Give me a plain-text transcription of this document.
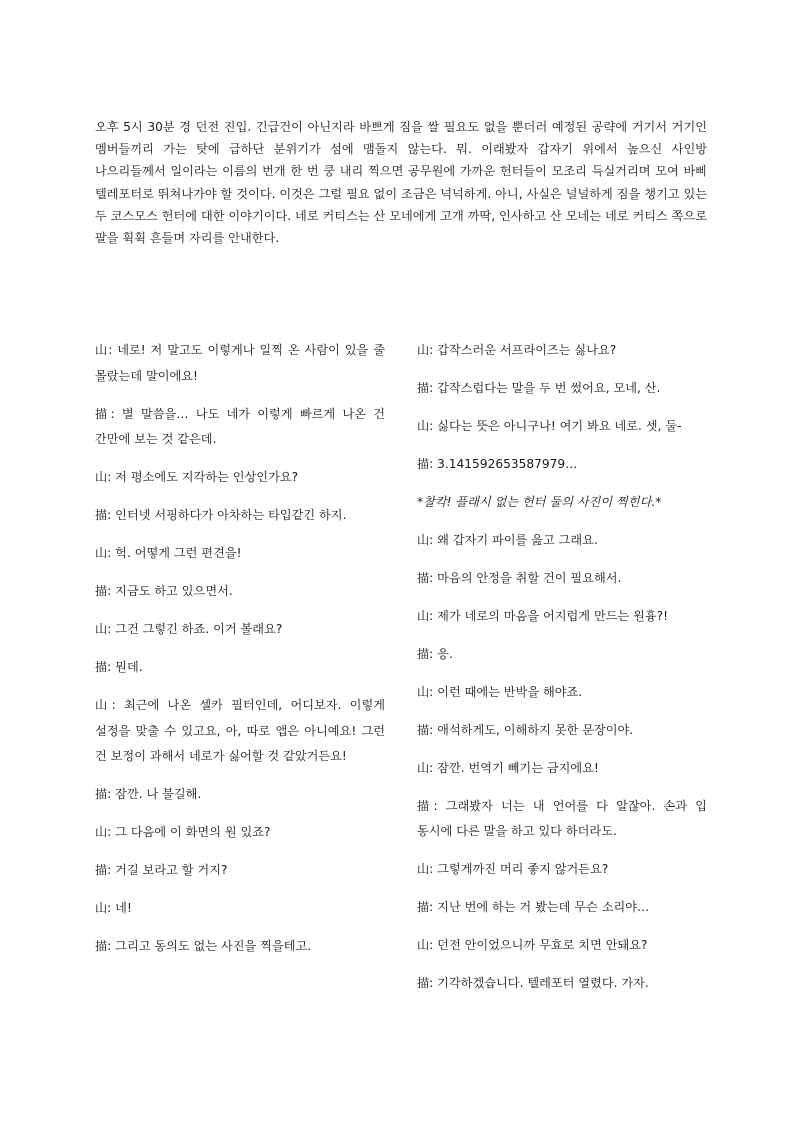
오후 5시 30분 경 던전 진입. 긴급건이 아닌지라 바쁘게 짐을 쌀 필요도 없을 뿐더러 예정된 공략에 거기서 거기인 멤버들끼리 가는 탓에 급하단 분위기가 섬에 맴돌지 않는다. 뭐. 이래봤자 갑자기 위에서 높으신 사인방 나으리들께서 일이라는 이름의 번개 한 번 쿵 내리 찍으면 공무원에 가까운 헌터들이 모조리 득실거리며 모여 바삐 텔레포터로 뛰쳐나가야 할 것이다. 이것은 그럴 필요 없이 조금은 넉넉하게. 아니, 사실은 널널하게 짐을 챙기고 있는 두 코스모스 헌터에 대한 이야기이다. 네로 커티스는 산 모네에게 고개 까딱, 인사하고 산 모네는 네로 커티스 쪽으로 팔을 휙휙 흔들며 자리를 안내한다.

山: 네로! 저 말고도 이렇게나 일찍 온 사람이 있을 줄 몰랐는데 말이에요!

描: 별 말씀을… 나도 네가 이렇게 빠르게 나온 건 간만에 보는 것 같은데.

山: 저 평소에도 지각하는 인상인가요?

描: 인터넷 서핑하다가 아차하는 타입같긴 하지.

山: 헉. 어떻게 그런 편견을!

描: 지금도 하고 있으면서.

山: 그건 그렇긴 하죠. 이거 볼래요?

描: 뭔데.

山: 최근에 나온 셀카 필터인데, 어디보자. 이렇게 설정을 맞출 수 있고요, 아, 따로 앱은 아니예요! 그런 건 보정이 과해서 네로가 싫어할 것 같았거든요!

描: 잠깐. 나 불길해.

山: 그 다음에 이 화면의 원 있죠?

描: 거길 보라고 할 거지?

山: 네!

描: 그리고 동의도 없는 사진을 찍을테고.

山: 갑작스러운 서프라이즈는 싫나요?

描: 갑작스럽다는 말을 두 번 썼어요, 모네, 산.

山: 싫다는 뜻은 아니구나! 여기 봐요 네로. 셋, 둘-

描: 3.141592653587979…

*찰칵! 플래시 없는 헌터 둘의 사진이 찍힌다.*

山: 왜 갑자기 파이를 읊고 그래요.

描: 마음의 안정을 취할 건이 필요해서.

山: 제가 네로의 마음을 어지럽게 만드는 원흉?!

描: 응.

山: 이런 때에는 반박을 해야죠.

描: 애석하게도, 이해하지 못한 문장이야.

山: 잠깐. 번역기 빼기는 금지에요!

描: 그래봤자 너는 내 언어를 다 알잖아. 손과 입 동시에 다른 말을 하고 있다 하더라도.

山: 그렇게까진 머리 좋지 않거든요?

描: 지난 번에 하는 거 봤는데 무슨 소리야…

山: 던전 안이었으니까 무효로 치면 안돼요?

描: 기각하겠습니다. 텔레포터 열렸다. 가자.
